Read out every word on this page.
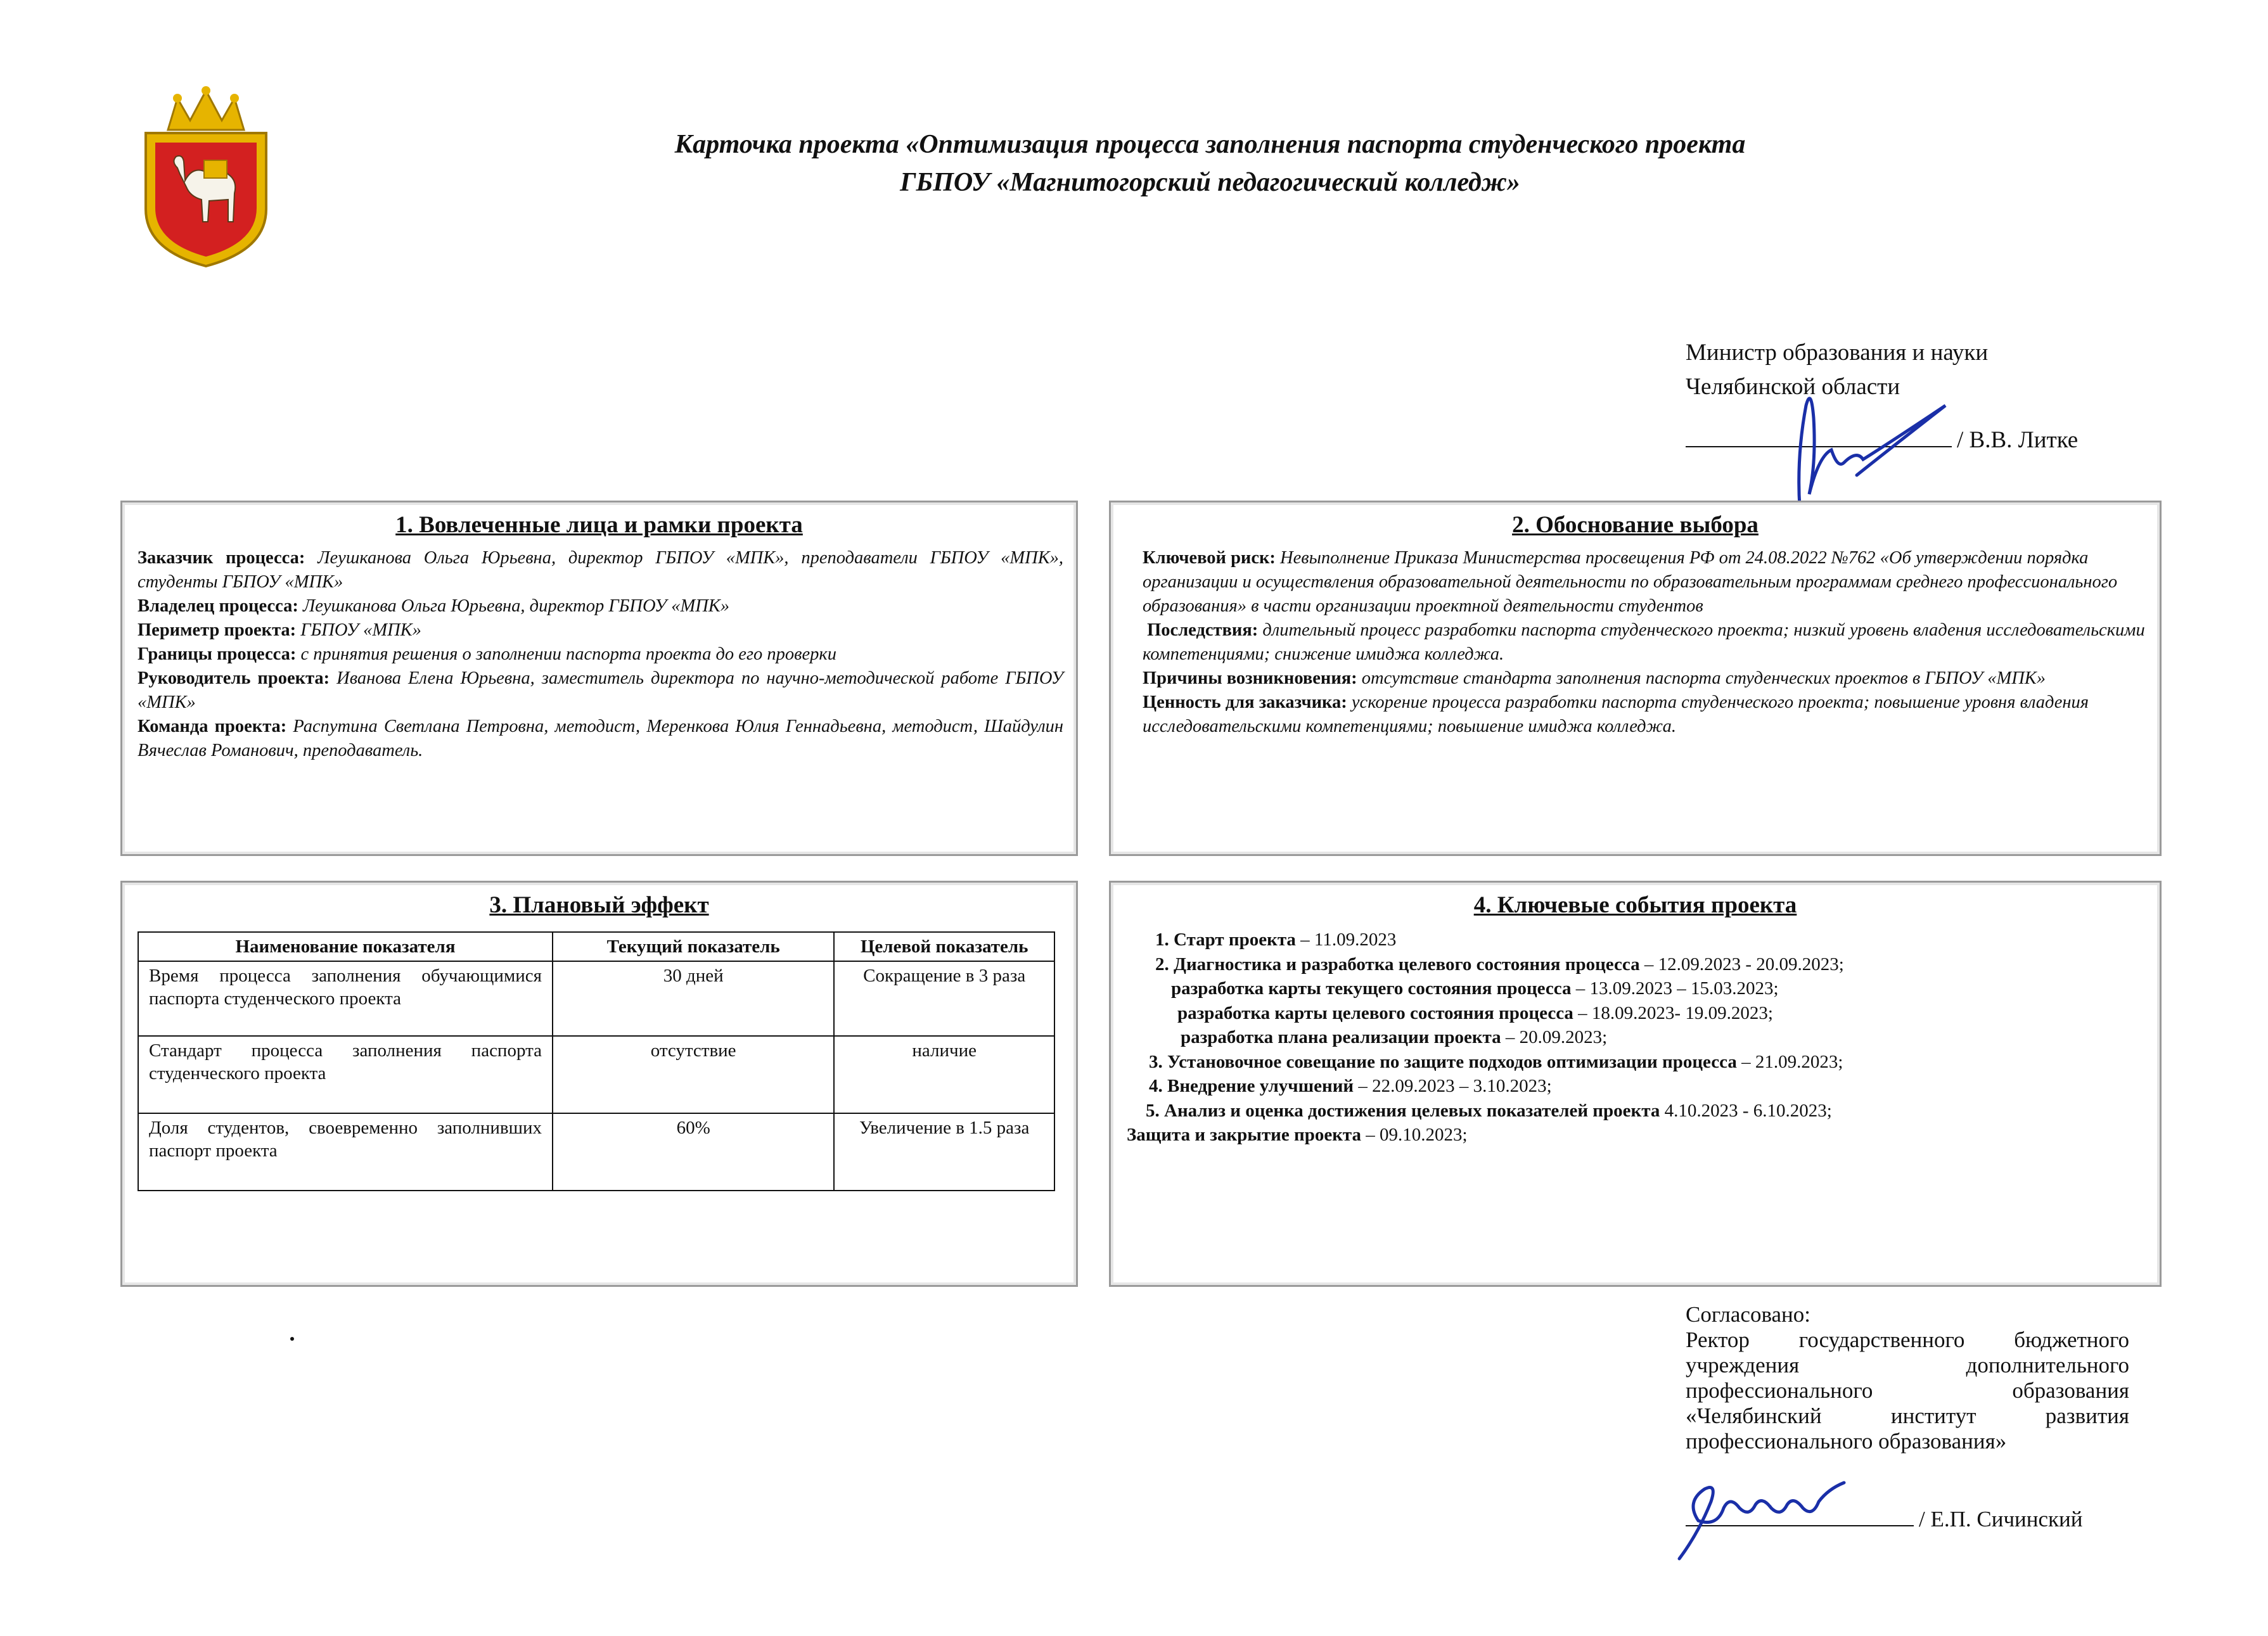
Карточка проекта «Оптимизация процесса заполнения паспорта студенческого проекта
ГБПОУ «Магнитогорский педагогический колледж»
Министр образования и науки
Челябинской области
/ В.В. Литке
1. Вовлеченные лица и рамки проекта

Заказчик процесса: Леушканова Ольга Юрьевна, директор ГБПОУ «МПК», преподаватели ГБПОУ «МПК», студенты ГБПОУ «МПК»

Владелец процесса: Леушканова Ольга Юрьевна, директор ГБПОУ «МПК»

Периметр проекта: ГБПОУ «МПК»

Границы процесса: с принятия решения о заполнении паспорта проекта до его проверки

Руководитель проекта: Иванова Елена Юрьевна, заместитель директора по научно-методической работе ГБПОУ «МПК»

Команда проекта: Распутина Светлана Петровна, методист, Меренкова Юлия Геннадьевна, методист, Шайдулин Вячеслав Романович, преподаватель.

2. Обоснование выбора

Ключевой риск: Невыполнение Приказа Министерства просвещения РФ от 24.08.2022 №762 «Об утверждении порядка организации и осуществления образовательной деятельности по образовательным программам среднего профессионального образования» в части организации проектной деятельности студентов

Последствия: длительный процесс разработки паспорта студенческого проекта; низкий уровень владения исследовательскими компетенциями; снижение имиджа колледжа.

Причины возникновения: отсутствие стандарта заполнения паспорта студенческих проектов в ГБПОУ «МПК»

Ценность для заказчика: ускорение процесса разработки паспорта студенческого проекта; повышение уровня владения исследовательскими компетенциями; повышение имиджа колледжа.

3. Плановый эффект
Наименование показателя	Текущий показатель	Целевой показатель
Время процесса заполнения обучающимися паспорта студенческого проекта	30 дней	Сокращение в 3 раза
Стандарт процесса заполнения паспорта студенческого проекта	отсутствие	наличие
Доля студентов, своевременно заполнивших паспорт проекта	60%	Увеличение в 1.5 раза
4. Ключевые события проекта
1. Старт проекта – 11.09.2023
2. Диагностика и разработка целевого состояния процесса – 12.09.2023 - 20.09.2023;
разработка карты текущего состояния процесса – 13.09.2023 – 15.03.2023;
разработка карты целевого состояния процесса – 18.09.2023- 19.09.2023;
разработка плана реализации проекта – 20.09.2023;
3. Установочное совещание по защите подходов оптимизации процесса – 21.09.2023;
4. Внедрение улучшений – 22.09.2023 – 3.10.2023;
5. Анализ и оценка достижения целевых показателей проекта 4.10.2023 - 6.10.2023;
Защита и закрытие проекта – 09.10.2023;
Согласовано:
Ректор государственного бюджетного
учреждения дополнительного
профессионального образования
«Челябинский институт развития
профессионального образования»
/ Е.П. Сичинский
